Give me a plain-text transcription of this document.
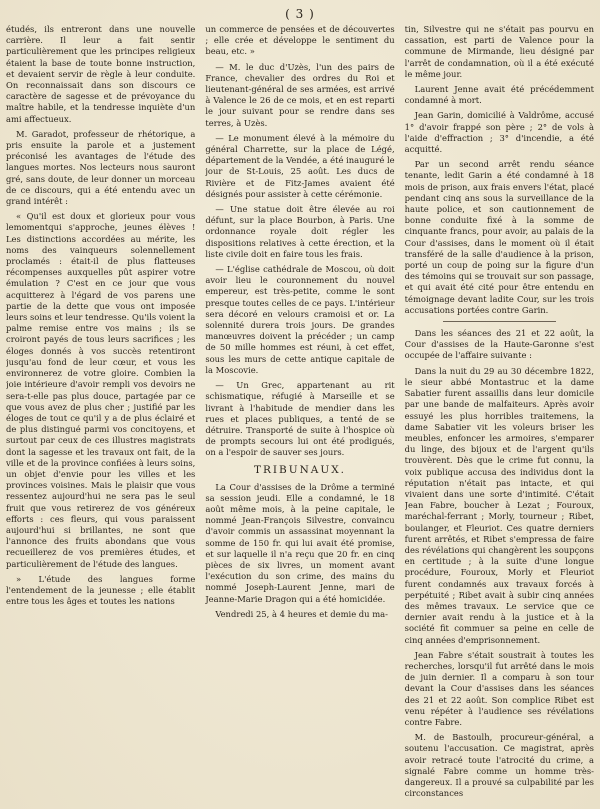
( 3 )

étudés, ils entreront dans une nouvelle carrière. Il leur a fait sentir particulièrement que les principes religieux étaient la base de toute bonne instruction, et devaient servir de règle à leur conduite. On reconnaissait dans son discours ce caractère de sagesse et de prévoyance du maître habile, et la tendresse inquiète d'un ami affectueux.

M. Garadot, professeur de rhétorique, a pris ensuite la parole et a justement préconisé les avantages de l'étude des langues mortes. Nos lecteurs nous sauront gré, sans doute, de leur donner un morceau de ce discours, qui a été entendu avec un grand intérêt :

« Qu'il est doux et glorieux pour vous lemomentqui s'approche, jeunes élèves ! Les distinctions accordées au mérite, les noms des vainqueurs solennellement proclamés : était-il de plus flatteuses récompenses auxquelles pût aspirer votre émulation ? C'est en ce jour que vous acquitterez à l'égard de vos parens une partie de la dette que vous ont imposée leurs soins et leur tendresse. Qu'ils voient la palme remise entre vos mains ; ils se croiront payés de tous leurs sacrifices ; les éloges donnés à vos succès retentiront jusqu'au fond de leur cœur, et vous les environnerez de votre gloire. Combien la joie intérieure d'avoir rempli vos devoirs ne sera-t-elle pas plus douce, partagée par ce que vous avez de plus cher ; justifié par les éloges de tout ce qu'il y a de plus éclairé et de plus distingué parmi vos concitoyens, et surtout par ceux de ces illustres magistrats dont la sagesse et les travaux ont fait, de la ville et de la province confiées à leurs soins, un objet d'envie pour les villes et les provinces voisines. Mais le plaisir que vous ressentez aujourd'hui ne sera pas le seul fruit que vous retirerez de vos généreux efforts : ces fleurs, qui vous paraissent aujourd'hui si brillantes, ne sont que l'annonce des fruits abondans que vous recueillerez de vos premières études, et particulièrement de l'étude des langues.

» L'étude des langues forme l'entendement de la jeunesse ; elle établit entre tous les âges et toutes les nations

un commerce de pensées et de découvertes ; elle crée et développe le sentiment du beau, etc. »

— M. le duc d'Uzès, l'un des pairs de France, chevalier des ordres du Roi et lieutenant-général de ses armées, est arrivé à Valence le 26 de ce mois, et en est reparti le jour suivant pour se rendre dans ses terres, à Uzès.

— Le monument élevé à la mémoire du général Charrette, sur la place de Légé, département de la Vendée, a été inauguré le jour de St-Louis, 25 août. Les ducs de Rivière et de Fitz-James avaient été désignés pour assister à cette cérémonie.

— Une statue doit être élevée au roi défunt, sur la place Bourbon, à Paris. Une ordonnance royale doit régler les dispositions relatives à cette érection, et la liste civile doit en faire tous les frais.

— L'église cathédrale de Moscou, où doit avoir lieu le couronnement du nouvel empereur, est très-petite, comme le sont presque toutes celles de ce pays. L'intérieur sera décoré en velours cramoisi et or. La solennité durera trois jours. De grandes manœuvres doivent la précéder ; un camp de 50 mille hommes est réuni, à cet effet, sous les murs de cette antique capitale de la Moscovie.

— Un Grec, appartenant au rit schismatique, réfugié à Marseille et se livrant à l'habitude de mendier dans les rues et places publiques, a tenté de se détruire. Transporté de suite à l'hospice où de prompts secours lui ont été prodigués, on a l'espoir de sauver ses jours.

TRIBUNAUX.

La Cour d'assises de la Drôme a terminé sa session jeudi. Elle a condamné, le 18 août même mois, à la peine capitale, le nommé Jean-François Silvestre, convaincu d'avoir commis un assassinat moyennant la somme de 150 fr. qui lui avait été promise, et sur laquelle il n'a reçu que 20 fr. en cinq pièces de six livres, un moment avant l'exécution du son crime, des mains du nommé Joseph-Laurent Jenne, mari de Jeanne-Marie Dragon qui a été homicidée.

Vendredi 25, à 4 heures et demie du ma-

tin, Silvestre qui ne s'était pas pourvu en cassation, est parti de Valence pour la commune de Mirmande, lieu désigné par l'arrêt de condamnation, où il a été exécuté le même jour.

Laurent Jenne avait été précédemment condamné à mort.

Jean Garin, domicilié à Valdrôme, accusé 1° d'avoir frappé son père ; 2° de vols à l'aide d'effraction ; 3° d'incendie, a été acquitté.

Par un second arrêt rendu séance tenante, ledit Garin a été condamné à 18 mois de prison, aux frais envers l'état, placé pendant cinq ans sous la surveillance de la haute police, et son cautionnement de bonne conduite fixé à la somme de cinquante francs, pour avoir, au palais de la Cour d'assises, dans le moment où il était transféré de la salle d'audience à la prison, porté un coup de poing sur la figure d'un des témoins qui se trouvait sur son passage, et qui avait été cité pour être entendu en témoignage devant ladite Cour, sur les trois accusations portées contre Garin.

Dans les séances des 21 et 22 août, la Cour d'assises de la Haute-Garonne s'est occupée de l'affaire suivante :

Dans la nuit du 29 au 30 décembre 1822, le sieur abbé Montastruc et la dame Sabatier furent assaillis dans leur domicile par une bande de malfaiteurs. Après avoir essuyé les plus horribles traitemens, la dame Sabatier vit les voleurs briser les meubles, enfoncer les armoires, s'emparer du linge, des bijoux et de l'argent qu'ils trouvèrent. Dès que le crime fut connu, la voix publique accusa des individus dont la réputation n'était pas intacte, et qui vivaient dans une sorte d'intimité. C'était Jean Fabre, boucher à Lezat ; Fouroux, maréchal-ferrant ; Morly, tourneur ; Ribet, boulanger, et Fleuriot. Ces quatre derniers furent arrêtés, et Ribet s'empressa de faire des révélations qui changèrent les soupçons en certitude ; à la suite d'une longue procédure, Fouroux, Morly et Fleuriot furent condamnés aux travaux forcés à perpétuité ; Ribet avait à subir cinq années des mêmes travaux. Le service que ce dernier avait rendu à la justice et à la société fit commuer sa peine en celle de cinq années d'emprisonnement.

Jean Fabre s'était soustrait à toutes les recherches, lorsqu'il fut arrêté dans le mois de juin dernier. Il a comparu à son tour devant la Cour d'assises dans les séances des 21 et 22 août. Son complice Ribet est venu répéter à l'audience ses révélations contre Fabre.

M. de Bastoulh, procureur-général, a soutenu l'accusation. Ce magistrat, après avoir retracé toute l'atrocité du crime, a signalé Fabre comme un homme très-dangereux. Il a prouvé sa culpabilité par les circonstances
